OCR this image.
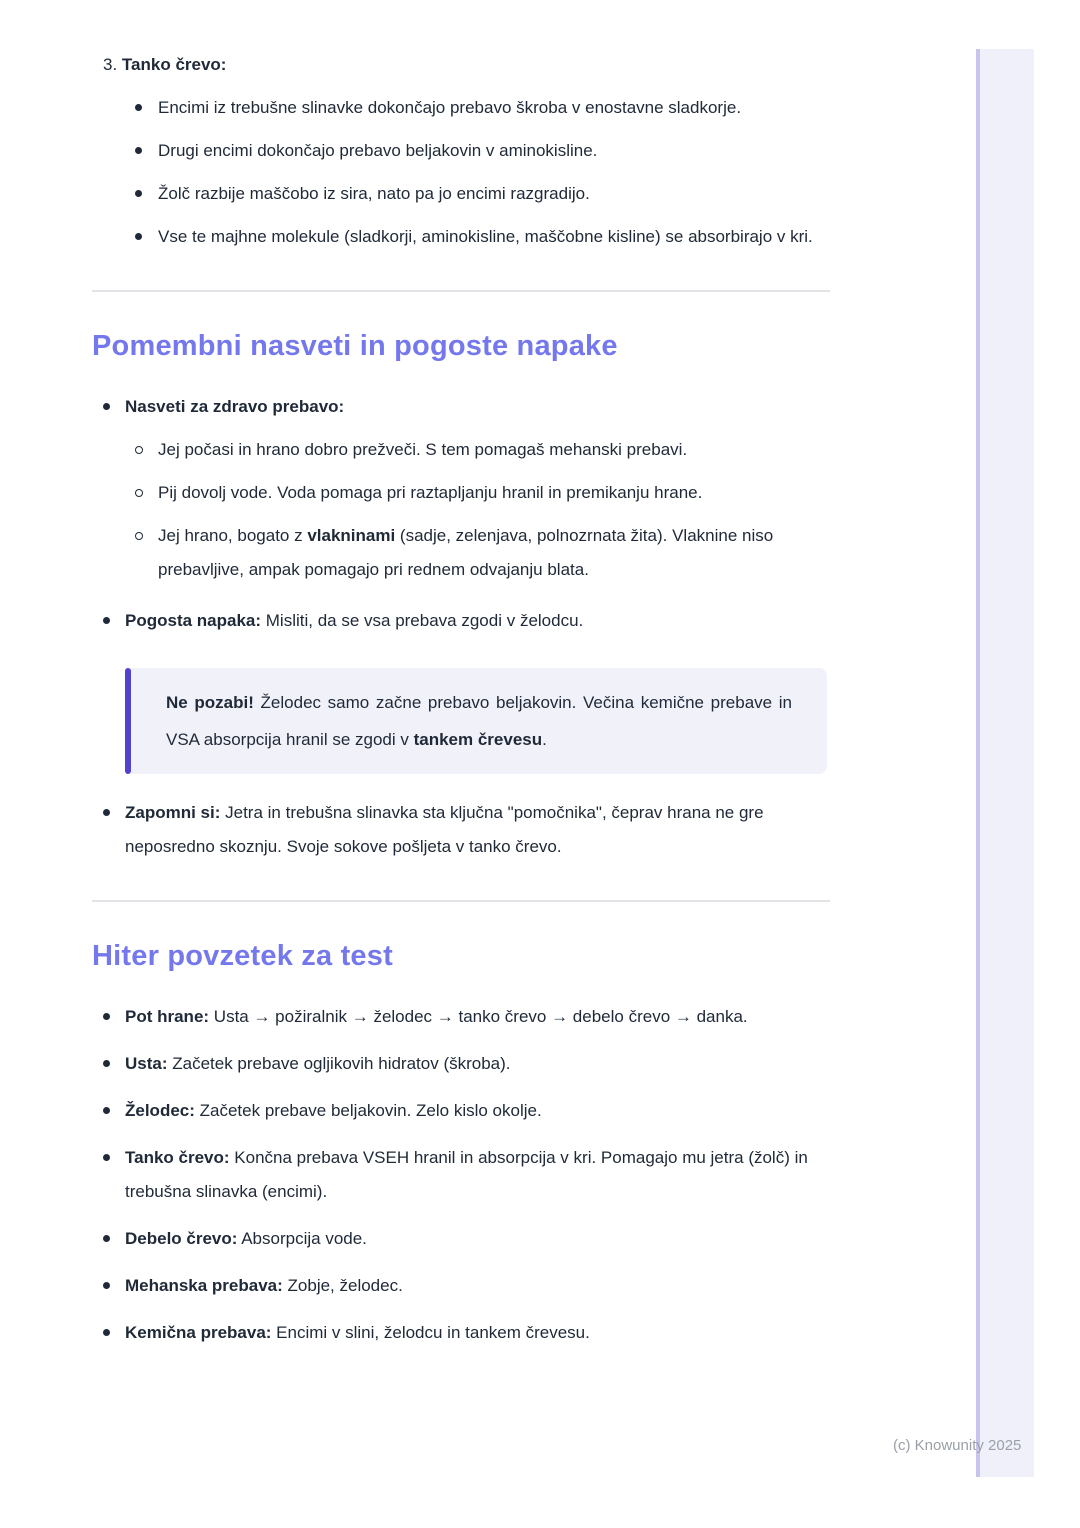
3. Tanko črevo:
Encimi iz trebušne slinavke dokončajo prebavo škroba v enostavne sladkorje.
Drugi encimi dokončajo prebavo beljakovin v aminokisline.
Žolč razbije maščobo iz sira, nato pa jo encimi razgradijo.
Vse te majhne molekule (sladkorji, aminokisline, maščobne kisline) se absorbirajo v kri.
Pomembni nasveti in pogoste napake
Nasveti za zdravo prebavo:
Jej počasi in hrano dobro prežveči. S tem pomagaš mehanski prebavi.
Pij dovolj vode. Voda pomaga pri raztapljanju hranil in premikanju hrane.
Jej hrano, bogato z vlakninami (sadje, zelenjava, polnozrnata žita). Vlaknine niso prebavljive, ampak pomagajo pri rednem odvajanju blata.
Pogosta napaka: Misliti, da se vsa prebava zgodi v želodcu.
Ne pozabi! Želodec samo začne prebavo beljakovin. Večina kemične prebave in VSA absorpcija hranil se zgodi v tankem črevesu.
Zapomni si: Jetra in trebušna slinavka sta ključna "pomočnika", čeprav hrana ne gre neposredno skoznju. Svoje sokove pošljeta v tanko črevo.
Hiter povzetek za test
Pot hrane: Usta → požiralnik → želodec → tanko črevo → debelo črevo → danka.
Usta: Začetek prebave ogljikovih hidratov (škroba).
Želodec: Začetek prebave beljakovin. Zelo kislo okolje.
Tanko črevo: Končna prebava VSEH hranil in absorpcija v kri. Pomagajo mu jetra (žolč) in trebušna slinavka (encimi).
Debelo črevo: Absorpcija vode.
Mehanska prebava: Zobje, želodec.
Kemična prebava: Encimi v slini, želodcu in tankem črevesu.
(c) Knowunity 2025
